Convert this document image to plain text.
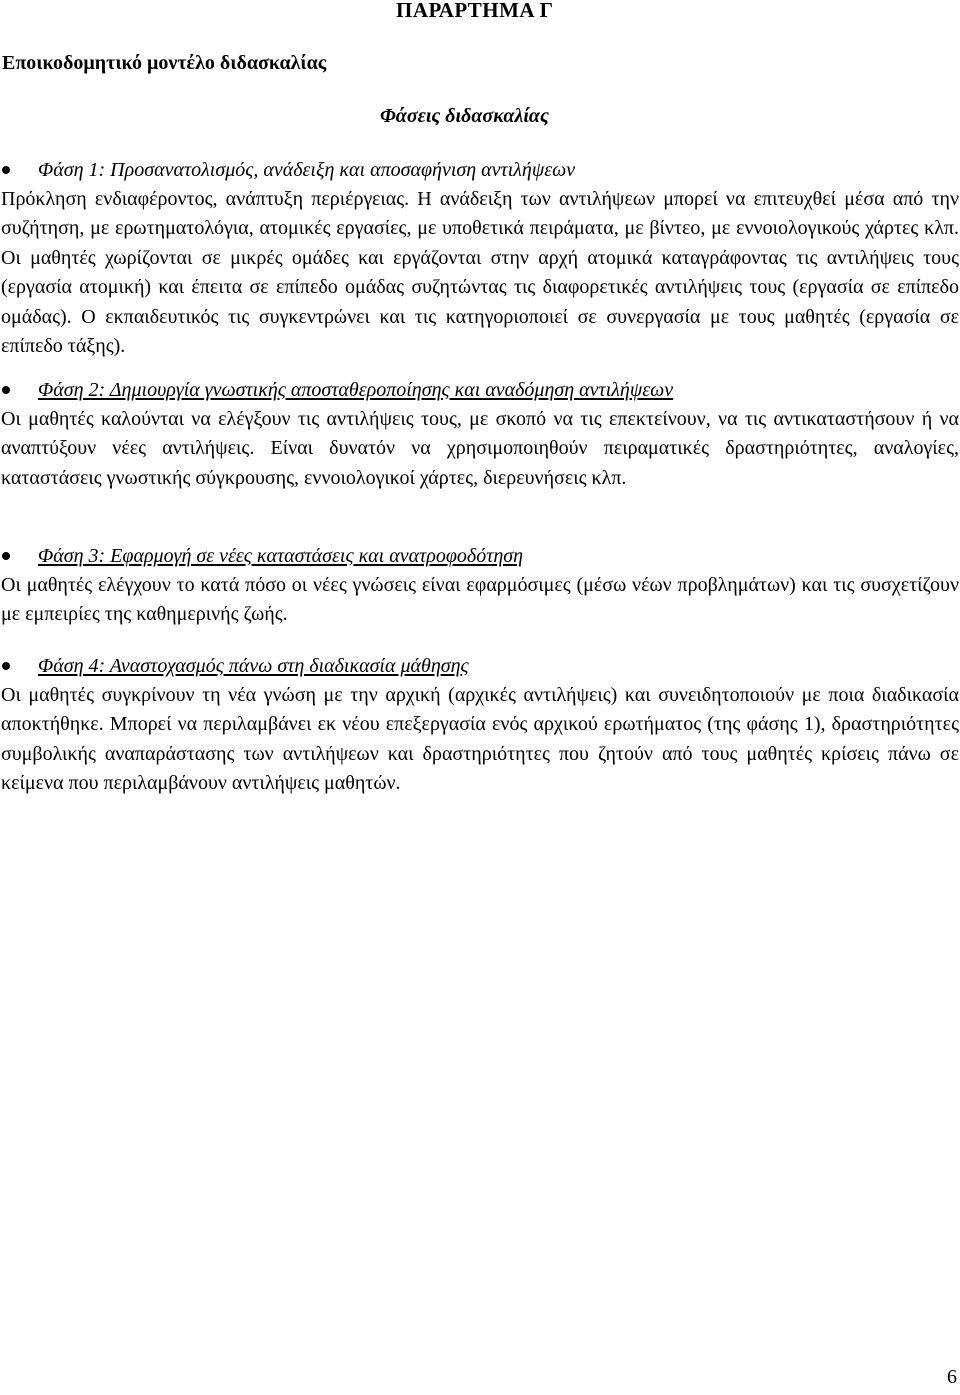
ΠΑΡΑΡΤΗΜΑ Γ
Εποικοδομητικό μοντέλο διδασκαλίας
Φάσεις διδασκαλίας
Φάση 1: Προσανατολισμός, ανάδειξη και αποσαφήνιση αντιλήψεων

Πρόκληση ενδιαφέροντος, ανάπτυξη περιέργειας. Η ανάδειξη των αντιλήψεων μπορεί να επιτευχθεί μέσα από την συζήτηση, με ερωτηματολόγια, ατομικές εργασίες, με υποθετικά πειράματα, με βίντεο, με εννοιολογικούς χάρτες κλπ. Οι μαθητές χωρίζονται σε μικρές ομάδες και εργάζονται στην αρχή ατομικά καταγράφοντας τις αντιλήψεις τους (εργασία ατομική) και έπειτα σε επίπεδο ομάδας συζητώντας τις διαφορετικές αντιλήψεις τους (εργασία σε επίπεδο ομάδας). Ο εκπαιδευτικός τις συγκεντρώνει και τις κατηγοριοποιεί σε συνεργασία με τους μαθητές (εργασία σε επίπεδο τάξης).

Φάση 2: Δημιουργία γνωστικής αποσταθεροποίησης και αναδόμηση αντιλήψεων

Οι μαθητές καλούνται να ελέγξουν τις αντιλήψεις τους, με σκοπό να τις επεκτείνουν, να τις αντικαταστήσουν ή να αναπτύξουν νέες αντιλήψεις. Είναι δυνατόν να χρησιμοποιηθούν πειραματικές δραστηριότητες, αναλογίες, καταστάσεις γνωστικής σύγκρουσης, εννοιολογικοί χάρτες, διερευνήσεις κλπ.

Φάση 3: Εφαρμογή σε νέες καταστάσεις και ανατροφοδότηση

Οι μαθητές ελέγχουν το κατά πόσο οι νέες γνώσεις είναι εφαρμόσιμες (μέσω νέων προβλημάτων) και τις συσχετίζουν με εμπειρίες της καθημερινής ζωής.

Φάση 4: Αναστοχασμός πάνω στη διαδικασία μάθησης

Οι μαθητές συγκρίνουν τη νέα γνώση με την αρχική (αρχικές αντιλήψεις) και συνειδητοποιούν με ποια διαδικασία αποκτήθηκε. Μπορεί να περιλαμβάνει εκ νέου επεξεργασία ενός αρχικού ερωτήματος (της φάσης 1), δραστηριότητες συμβολικής αναπαράστασης των αντιλήψεων και δραστηριότητες που ζητούν από τους μαθητές κρίσεις πάνω σε κείμενα που περιλαμβάνουν αντιλήψεις μαθητών.

6
